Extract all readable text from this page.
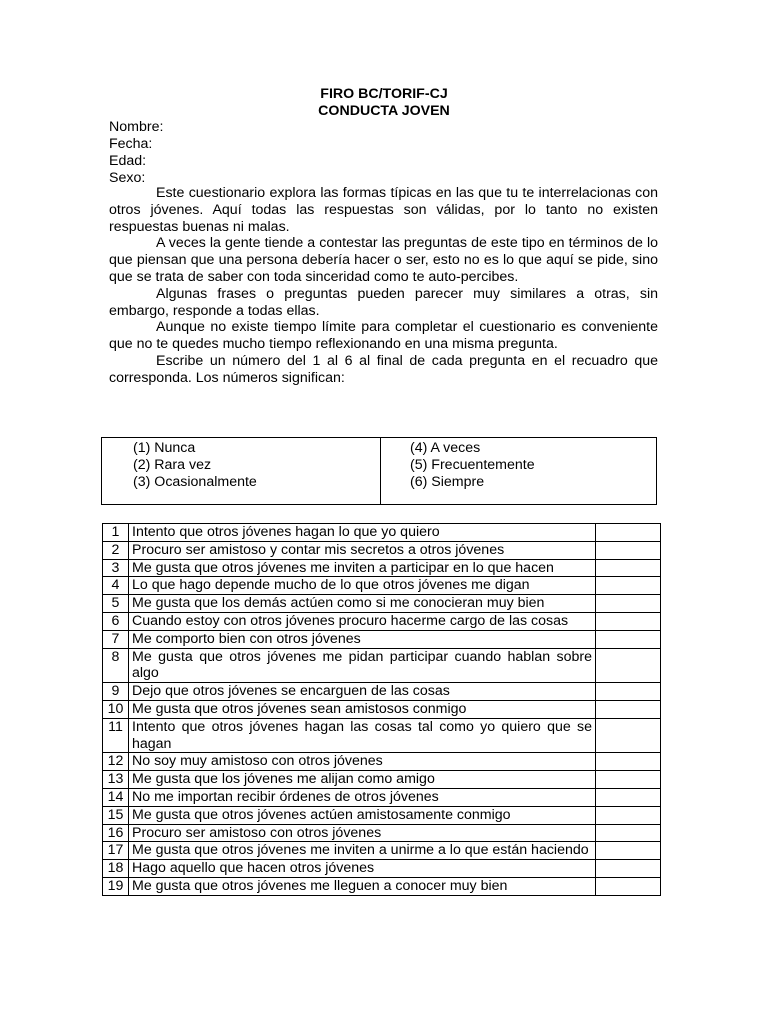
FIRO BC/TORIF-CJ
CONDUCTA JOVEN
Nombre:
Fecha:
Edad:
Sexo:

Este cuestionario explora las formas típicas en las que tu te interrelacionas con otros jóvenes. Aquí todas las respuestas son válidas, por lo tanto no existen respuestas buenas ni malas.

A veces la gente tiende a contestar las preguntas de este tipo en términos de lo que piensan que una persona debería hacer o ser, esto no es lo que aquí se pide, sino que se trata de saber con toda sinceridad como te auto-percibes.

Algunas frases o preguntas pueden parecer muy similares a otras, sin embargo, responde a todas ellas.

Aunque no existe tiempo límite para completar el cuestionario es conveniente que no te quedes mucho tiempo reflexionando en una misma pregunta.

Escribe un número del 1 al 6 al final de cada pregunta en el recuadro que corresponda. Los números significan:

(1) Nunca
(2) Rara vez
(3) Ocasionalmente
(4) A veces
(5) Frecuentemente
(6) Siempre
1	Intento que otros jóvenes hagan lo que yo quiero	
2	Procuro ser amistoso y contar mis secretos a otros jóvenes	
3	Me gusta que otros jóvenes me inviten a participar en lo que hacen	
4	Lo que hago depende mucho de lo que otros jóvenes me digan	
5	Me gusta que los demás actúen como si me conocieran muy bien	
6	Cuando estoy con otros jóvenes procuro hacerme cargo de las cosas	
7	Me comporto bien con otros jóvenes	
8	Me gusta que otros jóvenes me pidan participar cuando hablan sobre algo	
9	Dejo que otros jóvenes se encarguen de las cosas	
10	Me gusta que otros jóvenes sean amistosos conmigo	
11	Intento que otros jóvenes hagan las cosas tal como yo quiero que se hagan	
12	No soy muy amistoso con otros jóvenes	
13	Me gusta que los jóvenes me alijan como amigo	
14	No me importan recibir órdenes de otros jóvenes	
15	Me gusta que otros jóvenes actúen amistosamente conmigo	
16	Procuro ser amistoso con otros jóvenes	
17	Me gusta que otros jóvenes me inviten a unirme a lo que están haciendo	
18	Hago aquello que hacen otros jóvenes	
19	Me gusta que otros jóvenes me lleguen a conocer muy bien	
